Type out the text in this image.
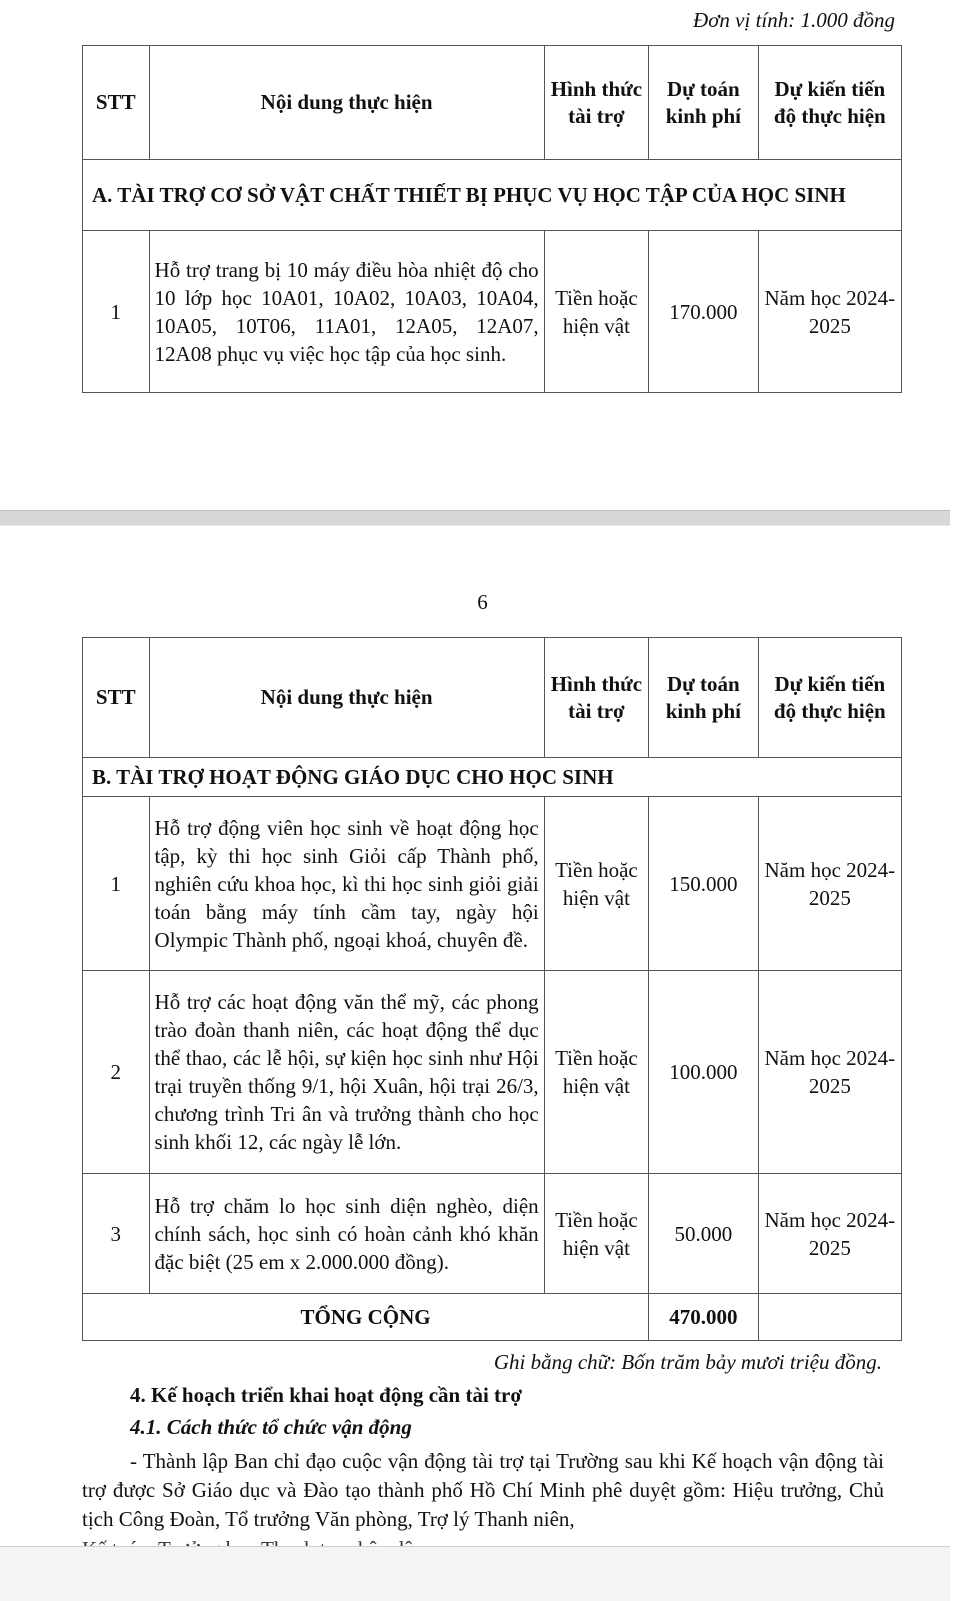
Đơn vị tính: 1.000 đồng
STT	Nội dung thực hiện	Hình thức tài trợ	Dự toán kinh phí	Dự kiến tiến độ thực hiện
A. TÀI TRỢ CƠ SỞ VẬT CHẤT THIẾT BỊ PHỤC VỤ HỌC TẬP CỦA HỌC SINH				
1	Hỗ trợ trang bị 10 máy điều hòa nhiệt độ cho 10 lớp học 10A01, 10A02, 10A03, 10A04, 10A05, 10T06, 11A01, 12A05, 12A07, 12A08 phục vụ việc học tập của học sinh.	Tiền hoặc hiện vật	170.000	Năm học 2024-2025
6
STT	Nội dung thực hiện	Hình thức tài trợ	Dự toán kinh phí	Dự kiến tiến độ thực hiện
B. TÀI TRỢ HOẠT ĐỘNG GIÁO DỤC CHO HỌC SINH				
1	Hỗ trợ động viên học sinh về hoạt động học tập, kỳ thi học sinh Giỏi cấp Thành phố, nghiên cứu khoa học, kì thi học sinh giỏi giải toán bằng máy tính cầm tay, ngày hội Olympic Thành phố, ngoại khoá, chuyên đề.	Tiền hoặc hiện vật	150.000	Năm học 2024-2025
2	Hỗ trợ các hoạt động văn thể mỹ, các phong trào đoàn thanh niên, các hoạt động thể dục thể thao, các lễ hội, sự kiện học sinh như Hội trại truyền thống 9/1, hội Xuân, hội trại 26/3, chương trình Tri ân và trưởng thành cho học sinh khối 12, các ngày lễ lớn.	Tiền hoặc hiện vật	100.000	Năm học 2024-2025
3	Hỗ trợ chăm lo học sinh diện nghèo, diện chính sách, học sinh có hoàn cảnh khó khăn đặc biệt (25 em x 2.000.000 đồng).	Tiền hoặc hiện vật	50.000	Năm học 2024-2025
TỔNG CỘNG			470.000	
Ghi bằng chữ: Bốn trăm bảy mươi triệu đồng.
4. Kế hoạch triển khai hoạt động cần tài trợ
4.1. Cách thức tổ chức vận động
- Thành lập Ban chỉ đạo cuộc vận động tài trợ tại Trường sau khi Kế hoạch vận động tài trợ được Sở Giáo dục và Đào tạo thành phố Hồ Chí Minh phê duyệt gồm: Hiệu trưởng, Chủ tịch Công Đoàn, Tổ trưởng Văn phòng, Trợ lý Thanh niên,
